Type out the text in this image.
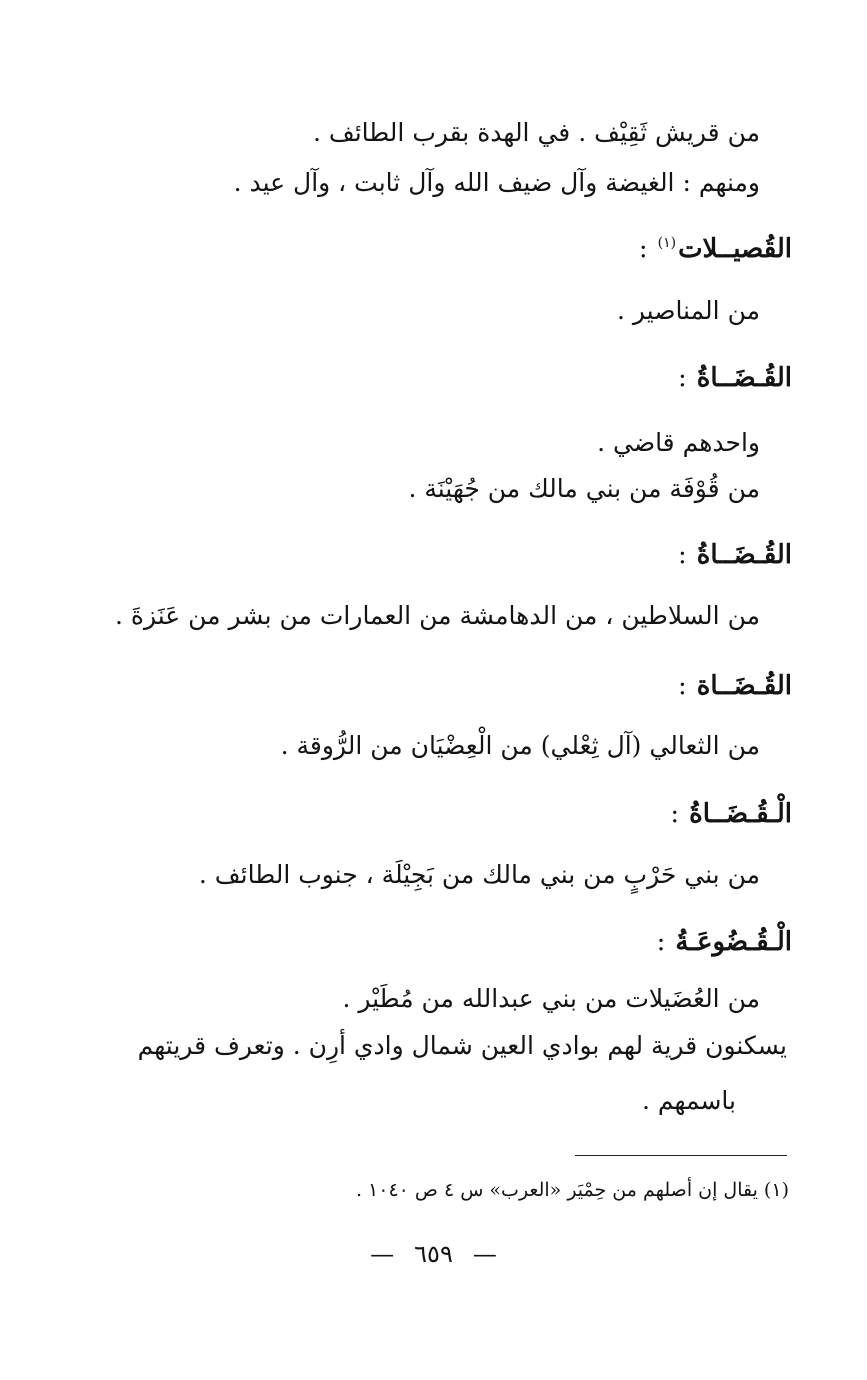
من قريش ثَقِيْف . في الهدة بقرب الطائف .
ومنهم : الغيضة وآل ضيف الله وآل ثابت ، وآل عيد .
القُصيــلات$^{(١)}$:
من المناصير .
القُـضَــاةُ:
واحدهم قاضي .
من قُوْفَة من بني مالك من جُهَيْنَة .
القُـضَــاةُ:
من السلاطين ، من الدهامشة من العمارات من بشر من عَنَزةَ .
القُـضَــاة:
من الثعالي (آل ثِعْلي) من الْعِضْيَان من الرُّوقة .
الْـقُـضَــاةُ:
من بني حَرْبٍ من بني مالك من بَجِيْلَة ، جنوب الطائف .
الْـقُـضُوعَـةُ:
من العُضَيلات من بني عبدالله من مُطَيْر .
يسكنون قرية لهم بوادي العين شمال وادي أرِن . وتعرف قريتهم
باسمهم .
(١) يقال إن أصلهم من حِمْيَر «العرب» س ٤ ص ١٠٤٠ .
—٦٥٩—
